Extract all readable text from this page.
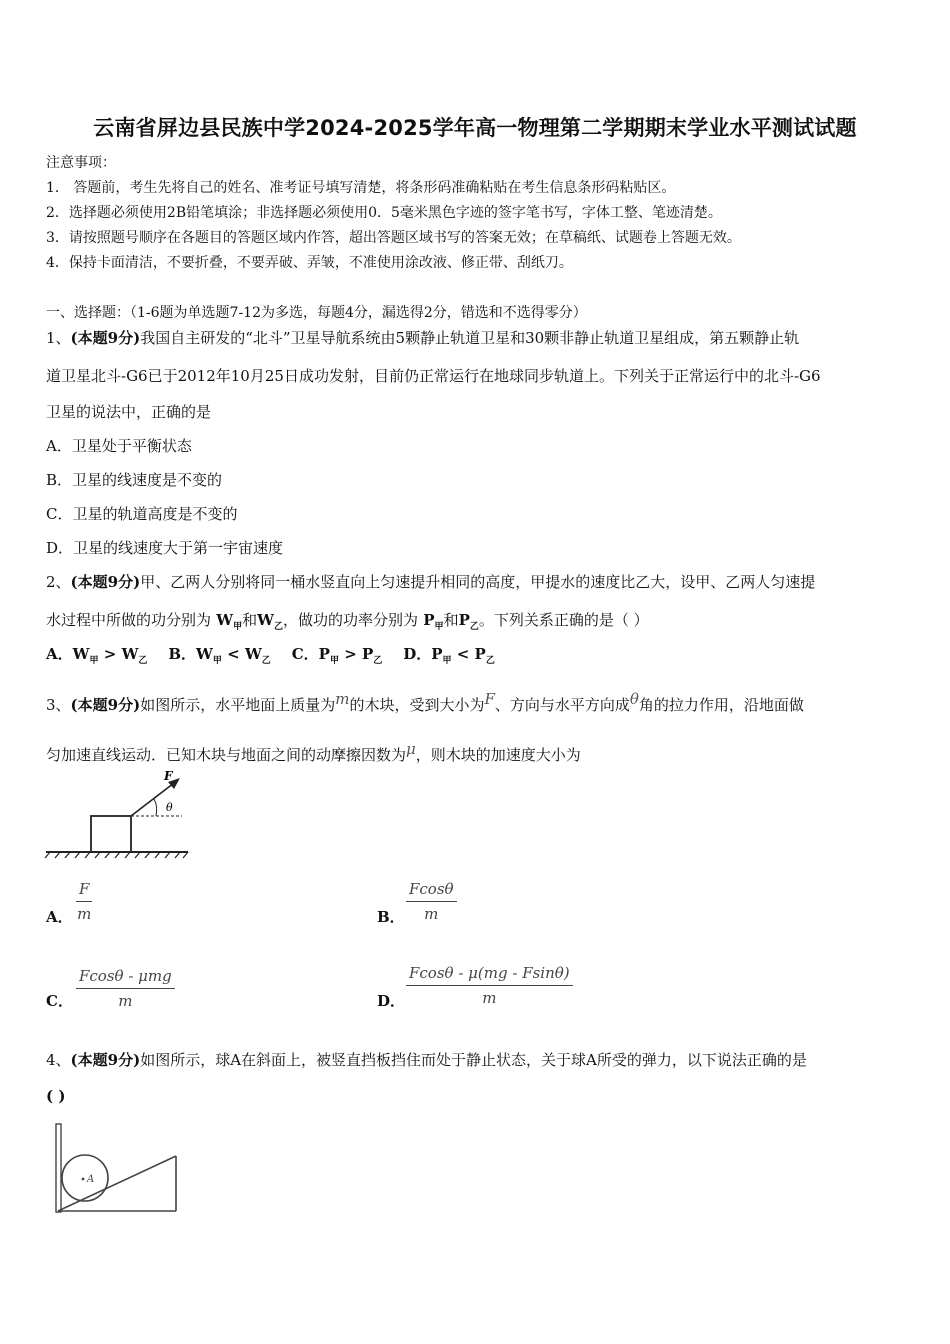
云南省屏边县民族中学2024-2025学年高一物理第二学期期末学业水平测试试题
注意事项：
1． 答题前，考生先将自己的姓名、准考证号填写清楚，将条形码准确粘贴在考生信息条形码粘贴区。
2．选择题必须使用2B铅笔填涂；非选择题必须使用0．5毫米黑色字迹的签字笔书写，字体工整、笔迹清楚。
3．请按照题号顺序在各题目的答题区域内作答，超出答题区域书写的答案无效；在草稿纸、试题卷上答题无效。
4．保持卡面清洁，不要折叠，不要弄破、弄皱，不准使用涂改液、修正带、刮纸刀。
一、选择题：（1-6题为单选题7-12为多选，每题4分，漏选得2分，错选和不选得零分）
1、(本题9分)我国自主研发的“北斗”卫星导航系统由5颗静止轨道卫星和30颗非静止轨道卫星组成，第五颗静止轨
道卫星北斗-G6已于2012年10月25日成功发射，目前仍正常运行在地球同步轨道上。下列关于正常运行中的北斗-G6
卫星的说法中，正确的是
A．卫星处于平衡状态
B．卫星的线速度是不变的
C．卫星的轨道高度是不变的
D．卫星的线速度大于第一宇宙速度
2、(本题9分)甲、乙两人分别将同一桶水竖直向上匀速提升相同的高度，甲提水的速度比乙大，设甲、乙两人匀速提
水过程中所做的功分别为 $W_甲$和$W_乙$，做功的功率分别为 $P_甲$和$P_乙$。下列关系正确的是（ ）
A．$W_甲 > W_乙$ B．$W_甲 < W_乙$ C．$P_甲 > P_乙$ D．$P_甲 < P_乙$
3、(本题9分)如图所示，水平地面上质量为$^m$的木块，受到大小为$^F$、方向与水平方向成$^\theta$角的拉力作用，沿地面做
匀加速直线运动．已知木块与地面之间的动摩擦因数为$^\mu$，则木块的加速度大小为
F
θ
A． $\frac{F}{m}$	B． $\frac{Fcos\theta}{m}$
C． $\frac{\text{Fcosθ - μmg}}{m}$	D． $\frac{Fcos\theta - \mu(mg - Fsin\theta)}{m}$
4、(本题9分)如图所示，球A在斜面上，被竖直挡板挡住而处于静止状态，关于球A所受的弹力，以下说法正确的是
( )
A
